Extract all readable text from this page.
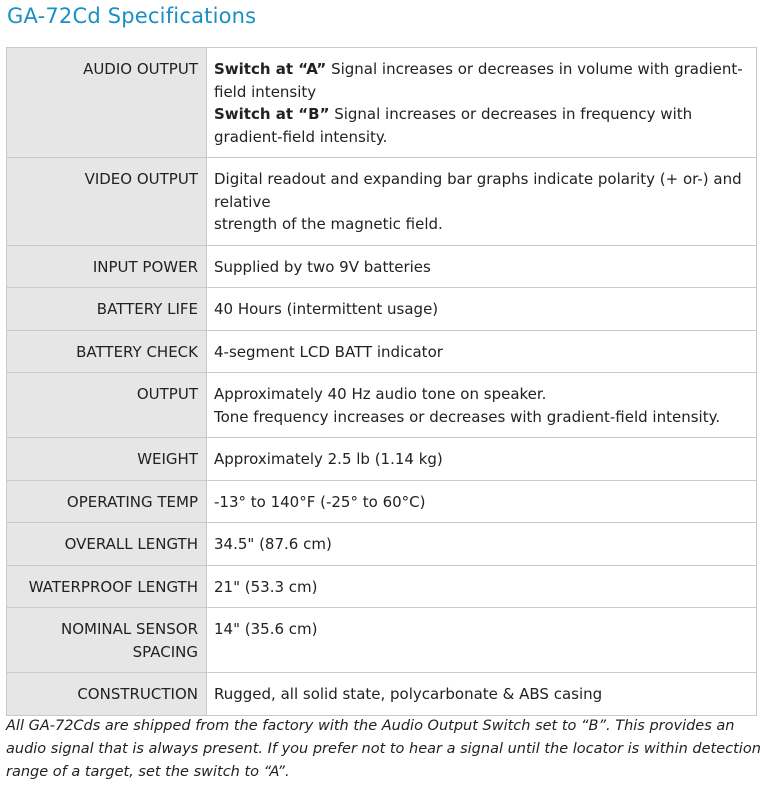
GA-72Cd Specifications
AUDIO OUTPUT	Switch at “A” Signal increases or decreases in volume with gradient-field intensity
Switch at “B” Signal increases or decreases in frequency with gradient-field intensity.

VIDEO OUTPUT	Digital readout and expanding bar graphs indicate polarity (+ or-) and relative
strength of the magnetic field.

INPUT POWER	Supplied by two 9V batteries
BATTERY LIFE	40 Hours (intermittent usage)
BATTERY CHECK	4-segment LCD BATT indicator
OUTPUT	Approximately 40 Hz audio tone on speaker.
Tone frequency increases or decreases with gradient-field intensity.

WEIGHT	Approximately 2.5 lb (1.14 kg)
OPERATING TEMP	-13° to 140°F (-25° to 60°C)
OVERALL LENGTH	34.5" (87.6 cm)
WATERPROOF LENGTH	21" (53.3 cm)
NOMINAL SENSOR SPACING	14" (35.6 cm)
CONSTRUCTION	Rugged, all solid state, polycarbonate & ABS casing

All GA-72Cds are shipped from the factory with the Audio Output Switch set to “B”. This provides an audio signal that is always present. If you prefer not to hear a signal until the locator is within detection range of a target, set the switch to “A”.
